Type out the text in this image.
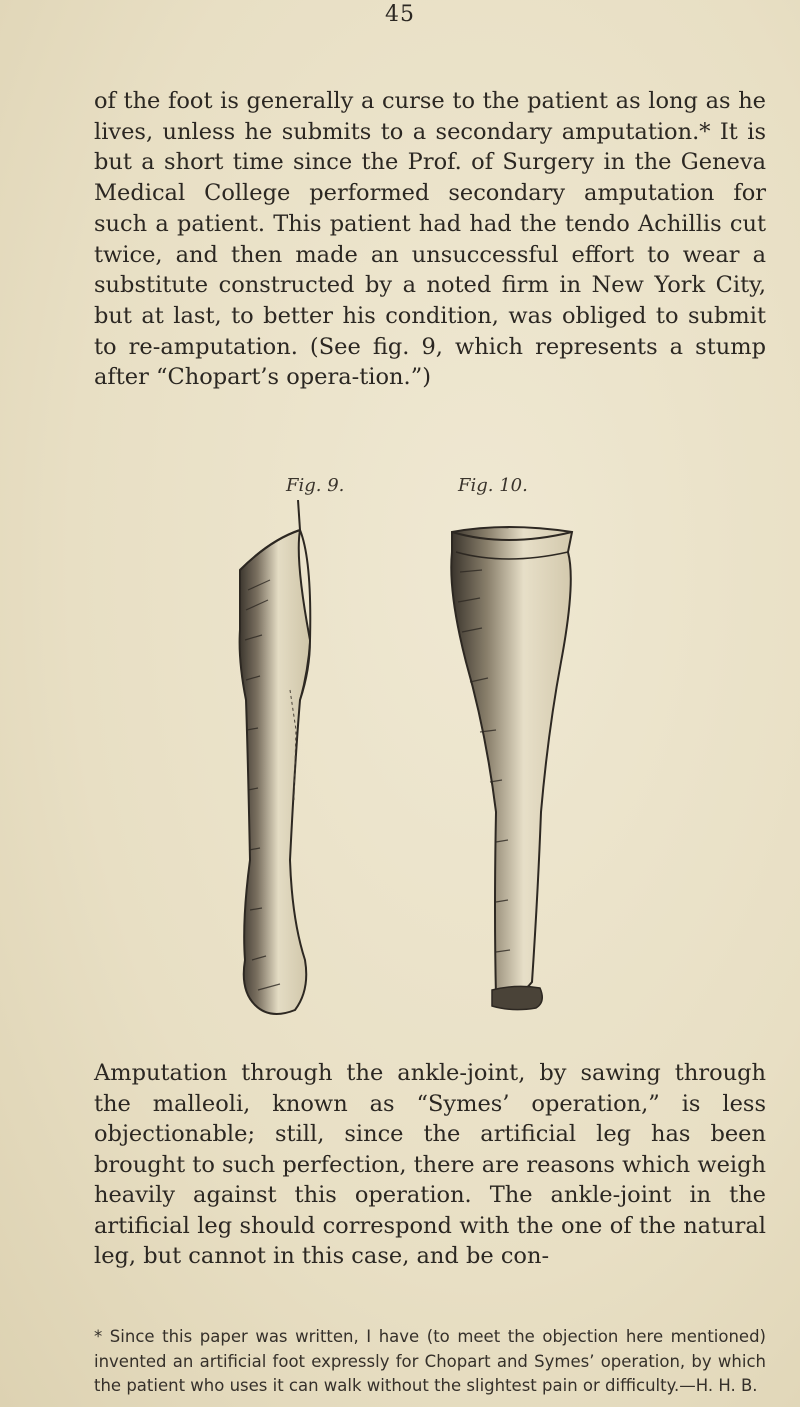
45

of the foot is generally a curse to the patient as long as he lives, unless he submits to a secondary amputation.* It is but a short time since the Prof. of Surgery in the Geneva Medical College performed secondary amputation for such a patient. This patient had had the tendo Achillis cut twice, and then made an unsuccessful effort to wear a substitute constructed by a noted firm in New York City, but at last, to better his condition, was obliged to submit to re-amputation. (See fig. 9, which represents a stump after “Chopart’s opera-tion.”)

Fig. 9.	Fig. 10.

Amputation through the ankle-joint, by sawing through the malleoli, known as “Symes’ operation,” is less objectionable; still, since the artificial leg has been brought to such perfection, there are reasons which weigh heavily against this operation. The ankle-joint in the artificial leg should correspond with the one of the natural leg, but cannot in this case, and be con-

* Since this paper was written, I have (to meet the objection here mentioned) invented an artificial foot expressly for Chopart and Symes’ operation, by which the patient who uses it can walk without the slightest pain or difficulty.—H. H. B.
